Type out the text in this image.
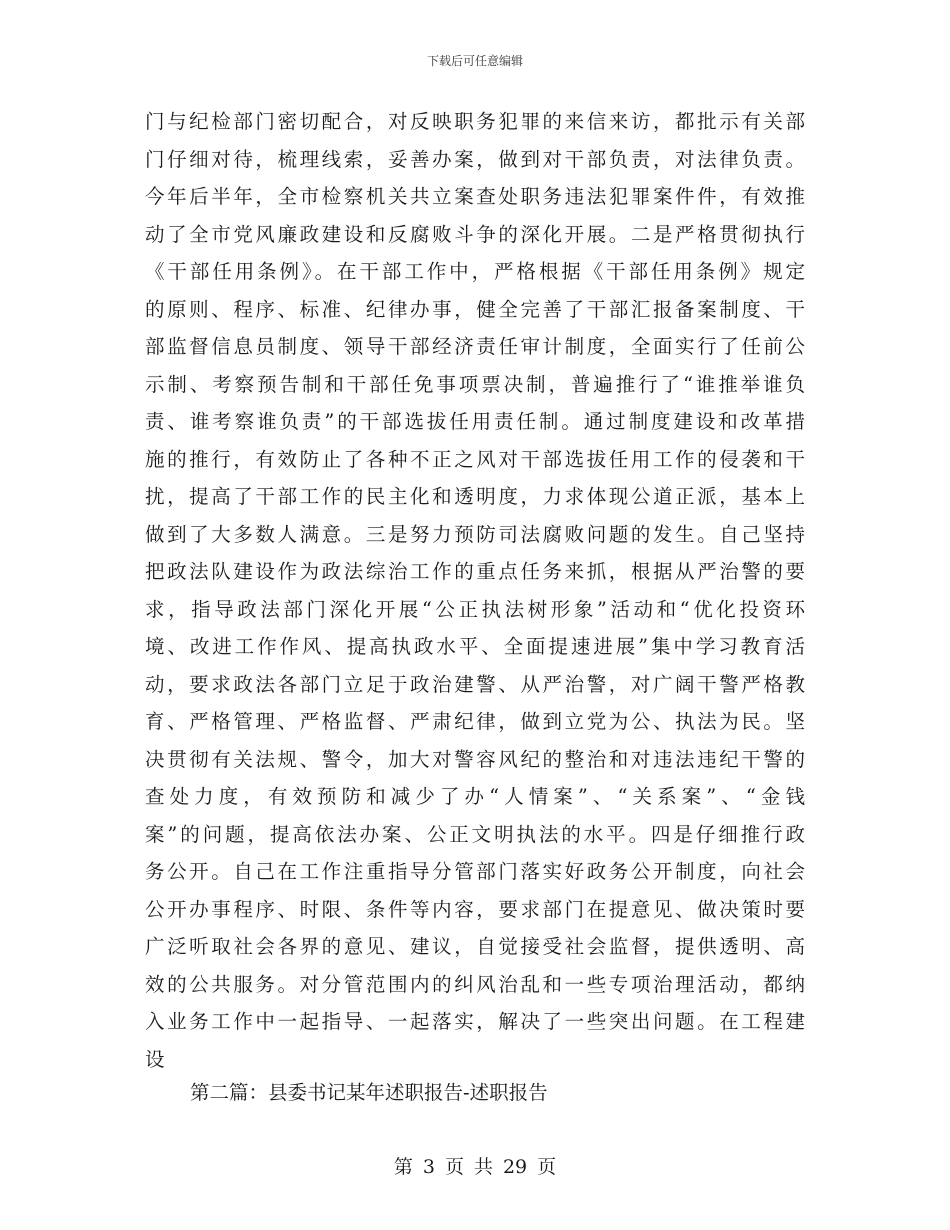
下载后可任意编辑
门与纪检部门密切配合，对反映职务犯罪的来信来访，都批示有关部
门仔细对待，梳理线索，妥善办案，做到对干部负责，对法律负责。
今年后半年，全市检察机关共立案查处职务违法犯罪案件件，有效推
动了全市党风廉政建设和反腐败斗争的深化开展。二是严格贯彻执行
《干部任用条例》。在干部工作中，严格根据《干部任用条例》规定
的原则、程序、标准、纪律办事，健全完善了干部汇报备案制度、干
部监督信息员制度、领导干部经济责任审计制度，全面实行了任前公
示制、考察预告制和干部任免事项票决制，普遍推行了“谁推举谁负
责、谁考察谁负责”的干部选拔任用责任制。通过制度建设和改革措
施的推行，有效防止了各种不正之风对干部选拔任用工作的侵袭和干
扰，提高了干部工作的民主化和透明度，力求体现公道正派，基本上
做到了大多数人满意。三是努力预防司法腐败问题的发生。自己坚持
把政法队建设作为政法综治工作的重点任务来抓，根据从严治警的要
求，指导政法部门深化开展“公正执法树形象”活动和“优化投资环
境、改进工作作风、提高执政水平、全面提速进展”集中学习教育活
动，要求政法各部门立足于政治建警、从严治警，对广阔干警严格教
育、严格管理、严格监督、严肃纪律，做到立党为公、执法为民。坚
决贯彻有关法规、警令，加大对警容风纪的整治和对违法违纪干警的
查处力度，有效预防和减少了办“人情案”、“关系案”、“金钱
案”的问题，提高依法办案、公正文明执法的水平。四是仔细推行政
务公开。自己在工作注重指导分管部门落实好政务公开制度，向社会
公开办事程序、时限、条件等内容，要求部门在提意见、做决策时要
广泛听取社会各界的意见、建议，自觉接受社会监督，提供透明、高
效的公共服务。对分管范围内的纠风治乱和一些专项治理活动，都纳
入业务工作中一起指导、一起落实，解决了一些突出问题。在工程建
设
第二篇：县委书记某年述职报告-述职报告
第 3 页 共 29 页
